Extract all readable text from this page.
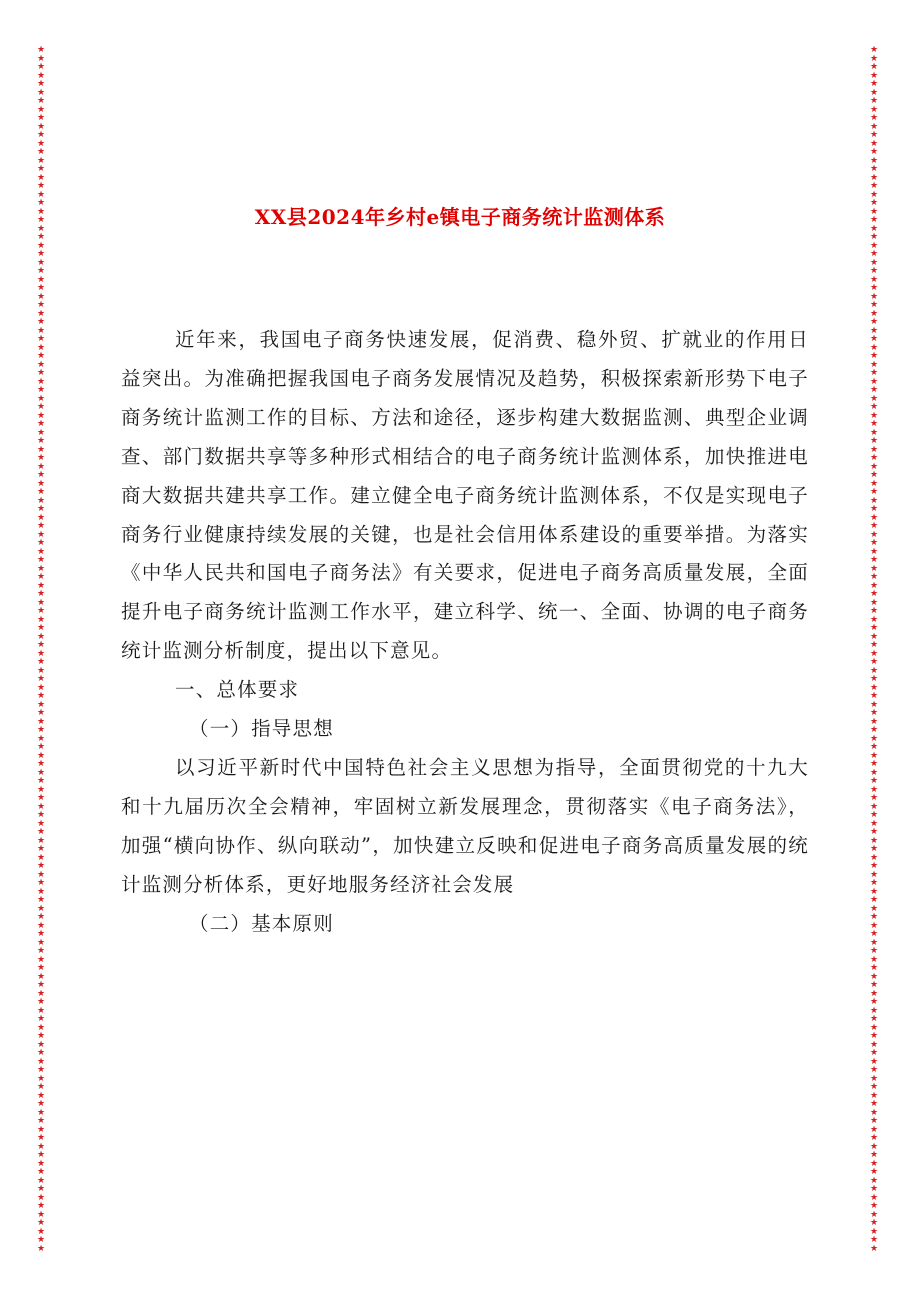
★★★★★★★★★★★★★★★★★★★★★★★★★★★★★★★★★★★★★★★★★★★★★★★★★★★★★★★★★★★★★★★★★★★★★★★★★★★★★★★★★★★★★★★★★★★★★★★★★★★★★★★★★★★★★★★★★★★★★★★★★★★★★★★★★★★★★★★★★★★★★★
★★★★★★★★★★★★★★★★★★★★★★★★★★★★★★★★★★★★★★★★★★★★★★★★★★★★★★★★★★★★★★★★★★★★★★★★★★★★★★★★★★★★★★★★★★★★★★★★★★★★★★★★★★★★★★★★★★★★★★★★★★★★★★★★★★★★★★★★★★★★★★
XX县2024年乡村e镇电子商务统计监测体系

近年来，我国电子商务快速发展，促消费、稳外贸、扩就业的作用日益突出。为准确把握我国电子商务发展情况及趋势，积极探索新形势下电子商务统计监测工作的目标、方法和途径，逐步构建大数据监测、典型企业调查、部门数据共享等多种形式相结合的电子商务统计监测体系，加快推进电商大数据共建共享工作。建立健全电子商务统计监测体系，不仅是实现电子商务行业健康持续发展的关键，也是社会信用体系建设的重要举措。为落实《中华人民共和国电子商务法》有关要求，促进电子商务高质量发展，全面提升电子商务统计监测工作水平，建立科学、统一、全面、协调的电子商务统计监测分析制度，提出以下意见。

一、总体要求

（一）指导思想

以习近平新时代中国特色社会主义思想为指导，全面贯彻党的十九大和十九届历次全会精神，牢固树立新发展理念，贯彻落实《电子商务法》，加强“横向协作、纵向联动”，加快建立反映和促进电子商务高质量发展的统计监测分析体系，更好地服务经济社会发展

（二）基本原则
